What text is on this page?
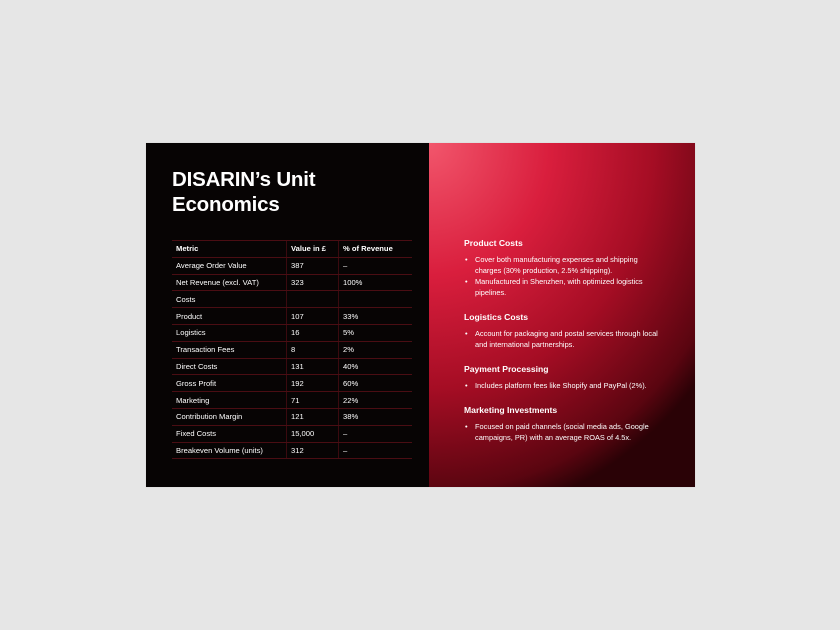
DISARIN’s Unit Economics
Metric	Value in £	% of Revenue
Average Order Value	387	–
Net Revenue (excl. VAT)	323	100%
Costs		
Product	107	33%
Logistics	16	5%
Transaction Fees	8	2%
Direct Costs	131	40%
Gross Profit	192	60%
Marketing	71	22%
Contribution Margin	121	38%
Fixed Costs	15,000	–
Breakeven Volume (units)	312	–
Product Costs
• Cover both manufacturing expenses and shipping charges (30% production, 2.5% shipping).
• Manufactured in Shenzhen, with optimized logistics pipelines.
Logistics Costs
• Account for packaging and postal services through local and international partnerships.
Payment Processing
• Includes platform fees like Shopify and PayPal (2%).
Marketing Investments
• Focused on paid channels (social media ads, Google campaigns, PR) with an average ROAS of 4.5x.
